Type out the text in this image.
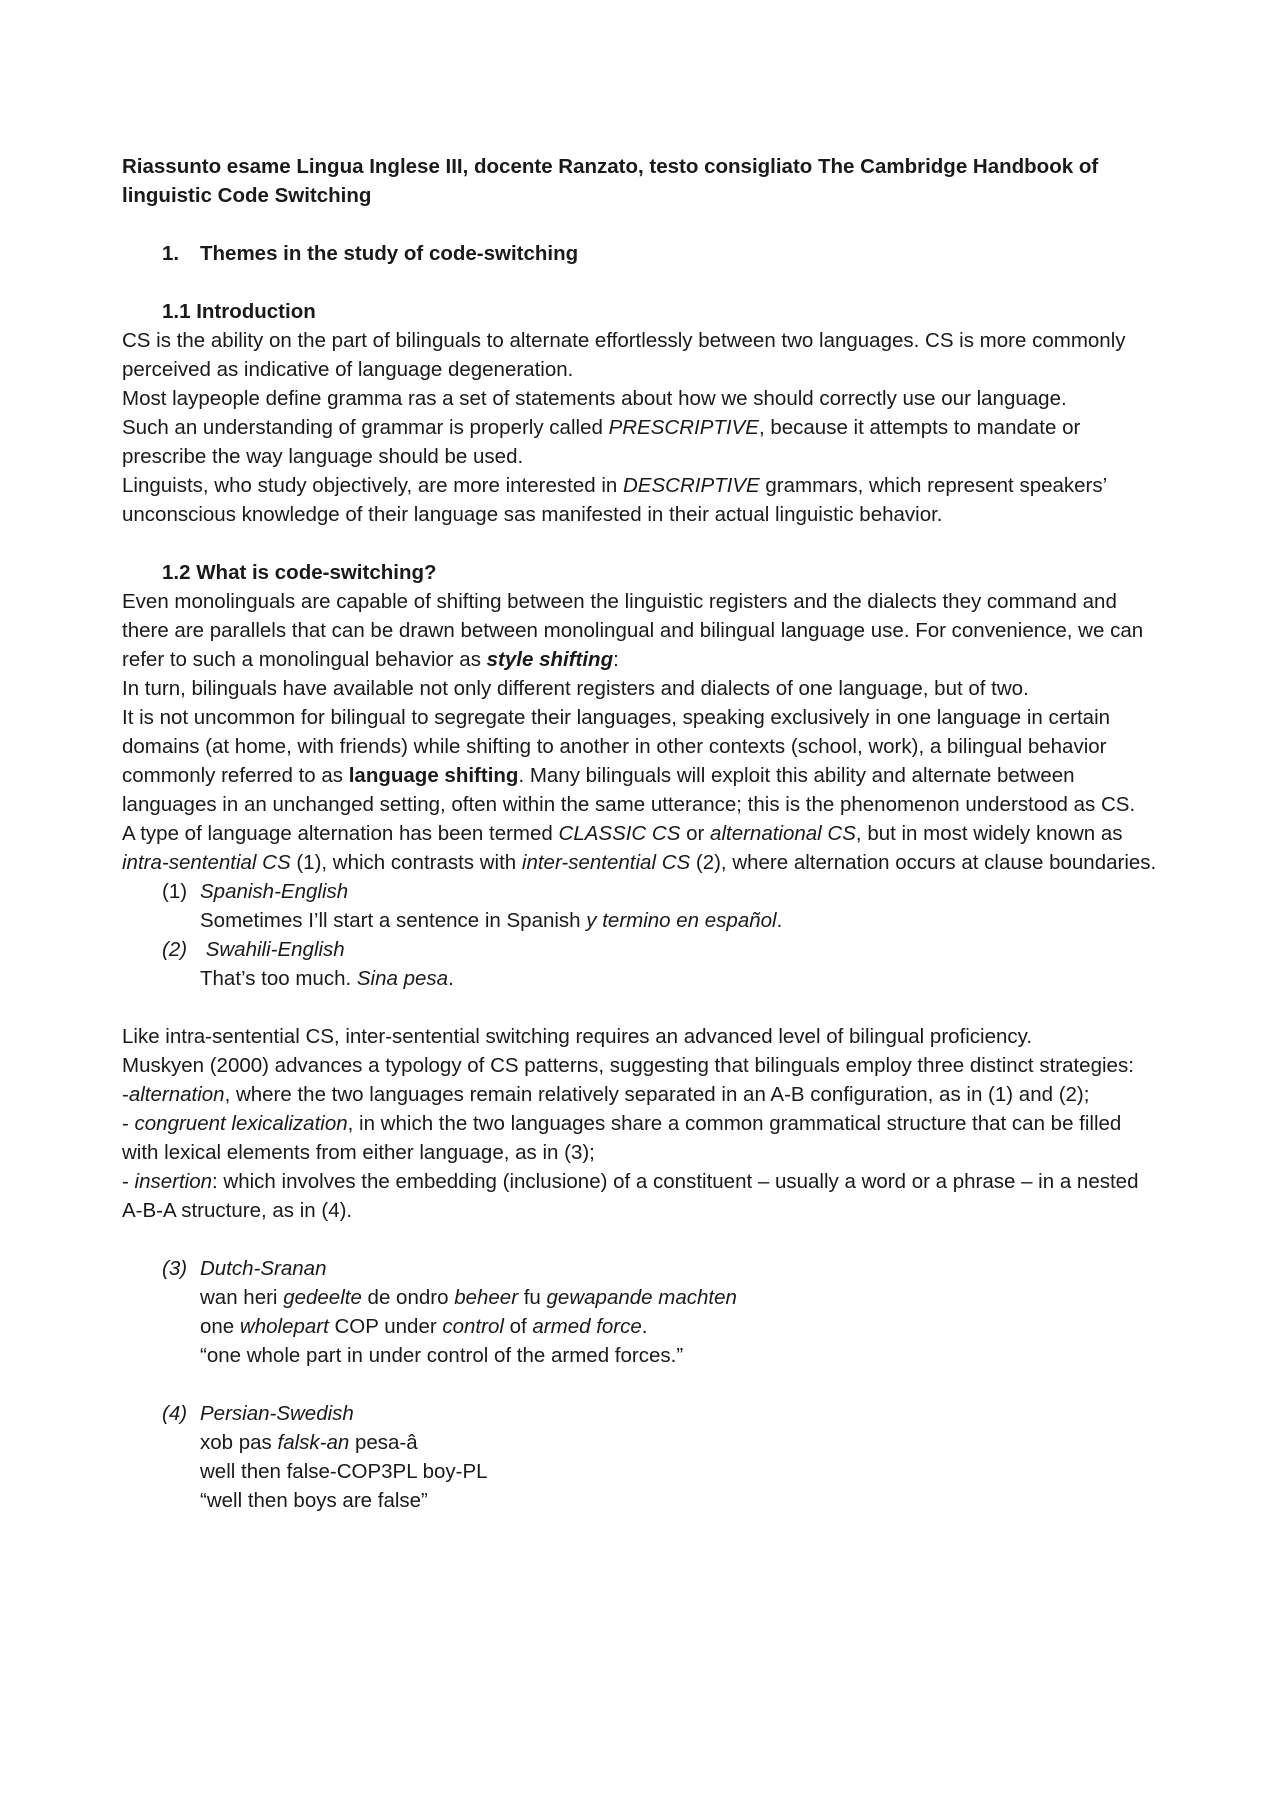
Riassunto esame Lingua Inglese III, docente Ranzato, testo consigliato The Cambridge Handbook of linguistic Code Switching

1. Themes in the study of code-switching

1.1 Introduction

CS is the ability on the part of bilinguals to alternate effortlessly between two languages. CS is more commonly perceived as indicative of language degeneration.

Most laypeople define gramma ras a set of statements about how we should correctly use our language.

Such an understanding of grammar is properly called PRESCRIPTIVE, because it attempts to mandate or prescribe the way language should be used.

Linguists, who study objectively, are more interested in DESCRIPTIVE grammars, which represent speakers’ unconscious knowledge of their language sas manifested in their actual linguistic behavior.

1.2 What is code-switching?

Even monolinguals are capable of shifting between the linguistic registers and the dialects they command and there are parallels that can be drawn between monolingual and bilingual language use. For convenience, we can refer to such a monolingual behavior as style shifting:

In turn, bilinguals have available not only different registers and dialects of one language, but of two.

It is not uncommon for bilingual to segregate their languages, speaking exclusively in one language in certain domains (at home, with friends) while shifting to another in other contexts (school, work), a bilingual behavior commonly referred to as language shifting. Many bilinguals will exploit this ability and alternate between languages in an unchanged setting, often within the same utterance; this is the phenomenon understood as CS.

A type of language alternation has been termed CLASSIC CS or alternational CS, but in most widely known as intra-sentential CS (1), which contrasts with inter-sentential CS (2), where alternation occurs at clause boundaries.

(1) Spanish-English
Sometimes I’ll start a sentence in Spanish y termino en español.
(2) Swahili-English
That’s too much. Sina pesa.

Like intra-sentential CS, inter-sentential switching requires an advanced level of bilingual proficiency.

Muskyen (2000) advances a typology of CS patterns, suggesting that bilinguals employ three distinct strategies:

-alternation, where the two languages remain relatively separated in an A-B configuration, as in (1) and (2);

- congruent lexicalization, in which the two languages share a common grammatical structure that can be filled with lexical elements from either language, as in (3);

- insertion: which involves the embedding (inclusione) of a constituent – usually a word or a phrase – in a nested A-B-A structure, as in (4).

(3) Dutch-Sranan
wan heri gedeelte de ondro beheer fu gewapande machten
one wholepart COP under control of armed force.
“one whole part in under control of the armed forces.”
(4) Persian-Swedish
xob pas falsk-an pesa-â
well then false-COP3PL boy-PL
“well then boys are false”
